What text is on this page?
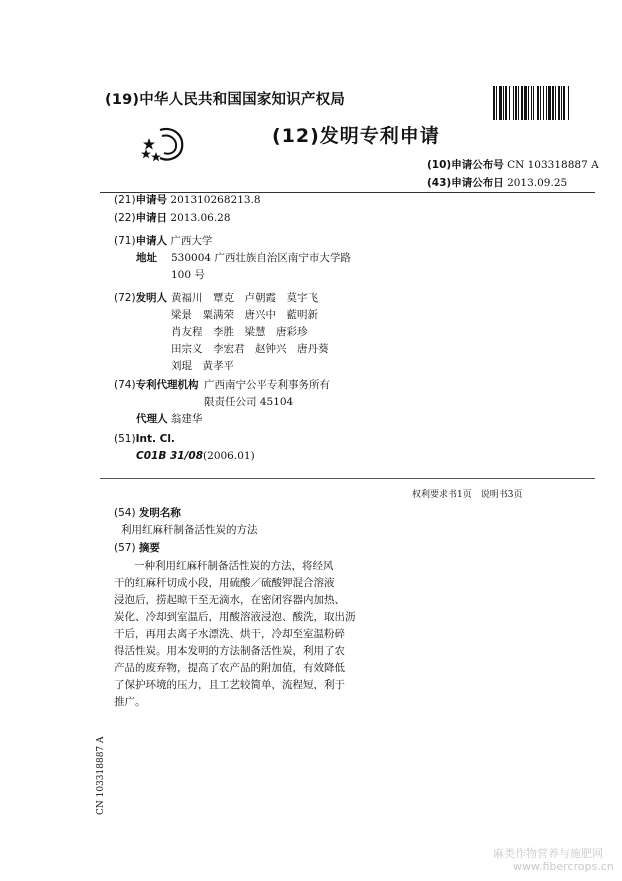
(19)中华人民共和国国家知识产权局
(12)发明专利申请
(10)申请公布号 CN 103318887 A
(43)申请公布日 2013.09.25
(21)申请号 201310268213.8
(22)申请日 2013.06.28
(71)申请人 广西大学
地址 530004 广西壮族自治区南宁市大学路
100 号
(72)发明人 黄福川　覃克　卢朝霞　莫宇飞
梁景　粟满荣　唐兴中　藍明新
肖友程　李胜　梁慧　唐彩珍
田宗义　李宏君　赵钟兴　唐丹葵
刘琨　黄孝平
(74)专利代理机构 广西南宁公平专利事务所有
限责任公司 45104
代理人 翁建华
(51)Int. Cl.
C01B 31/08(2006.01)
权利要求书1页　说明书3页
(54) 发明名称
利用红麻秆制备活性炭的方法
(57) 摘要
一种利用红麻秆制备活性炭的方法，将经风
干的红麻秆切成小段，用硫酸／硫酸钾混合溶液
浸泡后，捞起晾干至无滴水，在密闭容器内加热、
炭化、冷却到室温后，用酸溶液浸泡、酸洗，取出沥
干后，再用去离子水漂洗、烘干，冷却至室温粉碎
得活性炭。用本发明的方法制备活性炭，利用了农
产品的废弃物，提高了农产品的附加值，有效降低
了保护环境的压力，且工艺较简单，流程短，利于
推广。
CN 103318887 A
麻类作物营养与施肥网
www.fibercrops.cn
